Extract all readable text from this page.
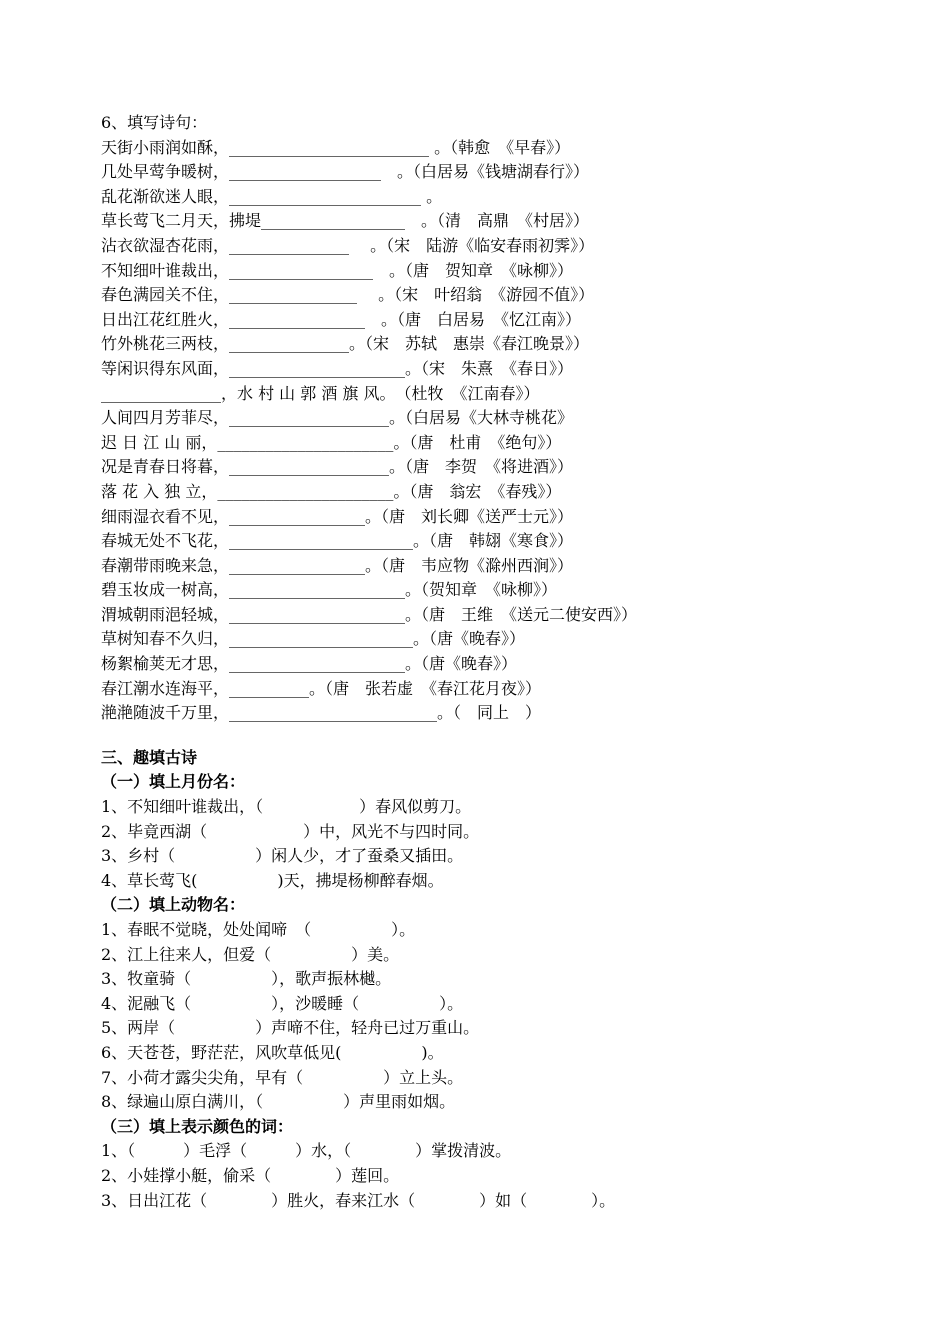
6、填写诗句：
天街小雨润如酥，_________________________ 。（韩愈　《早春》）
几处早莺争暖树，___________________　。（白居易《钱塘湖春行》）
乱花渐欲迷人眼，________________________ 。
草长莺飞二月天，拂堤__________________　。（清　高鼎　《村居》）
沾衣欲湿杏花雨，_______________　 。（宋　陆游《临安春雨初霁》）
不知细叶谁裁出，__________________　。（唐　贺知章　《咏柳》）
春色满园关不住，________________　 。（宋　叶绍翁　《游园不值》）
日出江花红胜火，_________________　。（唐　白居易　《忆江南》）
竹外桃花三两枝，_______________。（宋　苏轼　惠崇《春江晚景》）
等闲识得东风面，______________________。（宋　朱熹　《春日》）
_______________，水 村 山 郭 酒 旗 风。　（杜牧　《江南春》）
人间四月芳菲尽，____________________。（白居易《大林寺桃花》
迟 日 江 山 丽，______________________。（唐　杜甫　《绝句》）
况是青春日将暮，____________________。（唐　李贺　《将进酒》）
落 花 入 独 立，______________________。（唐　翁宏　《春残》）
细雨湿衣看不见，_________________。（唐　刘长卿《送严士元》）
春城无处不飞花，_______________________。（唐　韩翃《寒食》）
春潮带雨晚来急，_________________。（唐　韦应物《滁州西涧》）
碧玉妆成一树高，______________________。（贺知章　《咏柳》）
渭城朝雨浥轻城，______________________。（唐　王维　《送元二使安西》）
草树知春不久归，_______________________。（唐《晚春》）
杨絮榆荚无才思，______________________。（唐《晚春》）
春江潮水连海平，__________。（唐　张若虚　《春江花月夜》）
滟滟随波千万里，__________________________。（　同上　）
三、趣填古诗
（一）填上月份名：
1、不知细叶谁裁出，（　　　　　　）春风似剪刀。
2、毕竟西湖（　　　　　　）中，风光不与四时同。
3、乡村（　　　　　）闲人少，才了蚕桑又插田。
4、草长莺飞(　　　　　)天，拂堤杨柳醉春烟。
（二）填上动物名：
1、春眠不觉晓，处处闻啼　（　　　　　）。
2、江上往来人，但爱（　　　　　）美。
3、牧童骑（　　　　　），歌声振林樾。
4、泥融飞（　　　　　），沙暖睡（　　　　　）。
5、两岸（　　　　　）声啼不住，轻舟已过万重山。
6、天苍苍，野茫茫，风吹草低见(　　　　　)。
7、小荷才露尖尖角，早有（　　　　　）立上头。
8、绿遍山原白满川，（　　　　　）声里雨如烟。
（三）填上表示颜色的词：
1、（　　　）毛浮（　　　）水，（　　　　）掌拨清波。
2、小娃撑小艇，偷采（　　　　）莲回。
3、日出江花（　　　　）胜火，春来江水（　　　　）如（　　　　）。
